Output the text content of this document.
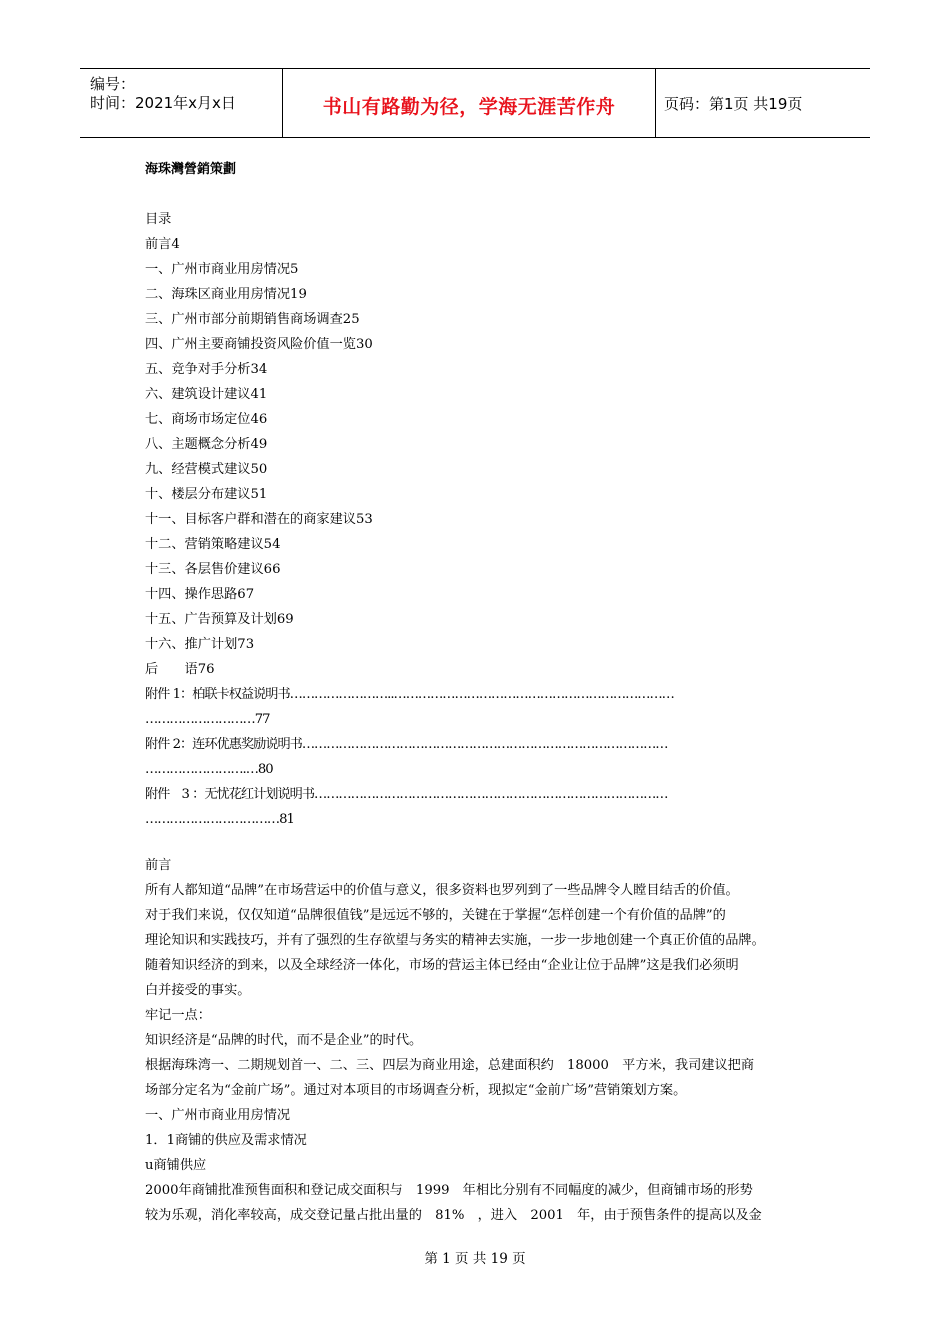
编号：
时间：2021年x月x日	书山有路勤为径，学海无涯苦作舟	页码：第1页 共19页
海珠灣營銷策劃
目录
前言4
一、广州市商业用房情况5
二、海珠区商业用房情况19
三、广州市部分前期销售商场调查25
四、广州主要商铺投资风险价值一览30
五、竞争对手分析34
六、建筑设计建议41
七、商场市场定位46
八、主题概念分析49
九、经营模式建议50
十、楼层分布建议51
十一、目标客户群和潜在的商家建议53
十二、营销策略建议54
十三、各层售价建议66
十四、操作思路67
十五、广告预算及计划69
十六、推广计划73
后　　语76
附件 1：柏联卡权益说明书……………………..……………………………………………………………
………………………77
附件 2：连环优惠奖励说明书………………………………………………………………………………
…………………….…80
附件　3 ：无忧花红计划说明书……………………………………………………………………………
……………………………81
前言
所有人都知道“品牌”在市场营运中的价值与意义，很多资料也罗列到了一些品牌令人瞠目结舌的价值。
对于我们来说，仅仅知道“品牌很值钱”是远远不够的，关键在于掌握“怎样创建一个有价值的品牌”的
理论知识和实践技巧，并有了强烈的生存欲望与务实的精神去实施，一步一步地创建一个真正价值的品牌。
随着知识经济的到来，以及全球经济一体化，市场的营运主体已经由“企业让位于品牌”这是我们必须明
白并接受的事实。
牢记一点：
知识经济是“品牌的时代，而不是企业”的时代。
根据海珠湾一、二期规划首一、二、三、四层为商业用途，总建面积约　18000　平方米，我司建议把商
场部分定名为“金前广场”。通过对本项目的市场调查分析，现拟定“金前广场”营销策划方案。
一、广州市商业用房情况
1．1商铺的供应及需求情况
u商铺供应
2000年商铺批准预售面积和登记成交面积与　1999　年相比分别有不同幅度的减少，但商铺市场的形势
较为乐观，消化率较高，成交登记量占批出量的　81%　，进入　2001　年，由于预售条件的提高以及金
第 1 页 共 19 页
